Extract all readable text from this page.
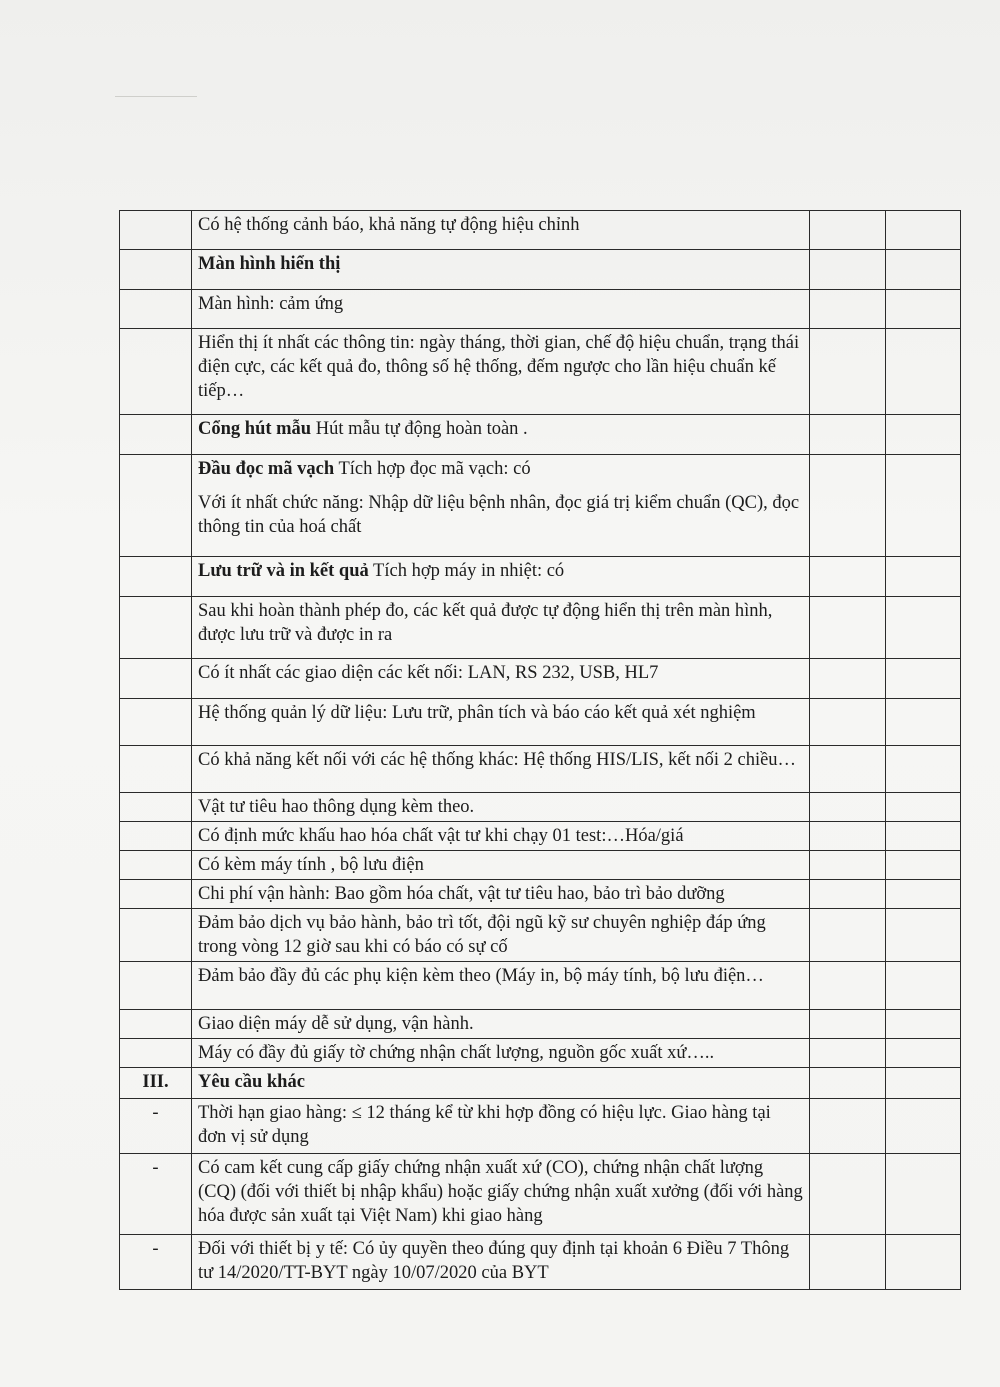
	Có hệ thống cảnh báo, khả năng tự động hiệu chỉnh		

	Màn hình hiển thị		

	Màn hình: cảm ứng		

	Hiển thị ít nhất các thông tin: ngày tháng, thời gian, chế độ hiệu chuẩn, trạng thái điện cực, các kết quả đo, thông số hệ thống, đếm ngược cho lần hiệu chuẩn kế tiếp…		

	Cổng hút mẫu Hút mẫu tự động hoàn toàn .		

	Đầu đọc mã vạch Tích hợp đọc mã vạch: có
Với ít nhất chức năng: Nhập dữ liệu bệnh nhân, đọc giá trị kiểm chuẩn (QC), đọc thông tin của hoá chất		

	Lưu trữ và in kết quả Tích hợp máy in nhiệt: có		

	Sau khi hoàn thành phép đo, các kết quả được tự động hiển thị trên màn hình, được lưu trữ và được in ra		

	Có ít nhất các giao diện các kết nối: LAN, RS 232, USB, HL7		

	Hệ thống quản lý dữ liệu: Lưu trữ, phân tích và báo cáo kết quả xét nghiệm		

	Có khả năng kết nối với các hệ thống khác: Hệ thống HIS/LIS, kết nối 2 chiều…		

	Vật tư tiêu hao thông dụng kèm theo.		

	Có định mức khấu hao hóa chất vật tư khi chạy 01 test:…Hóa/giá		

	Có kèm máy tính , bộ lưu điện		

	Chi phí vận hành: Bao gồm hóa chất, vật tư tiêu hao, bảo trì bảo dưỡng		

	Đảm bảo dịch vụ bảo hành, bảo trì tốt, đội ngũ kỹ sư chuyên nghiệp đáp ứng trong vòng 12 giờ sau khi có báo có sự cố		

	Đảm bảo đầy đủ các phụ kiện kèm theo (Máy in, bộ máy tính, bộ lưu điện…		

	Giao diện máy dễ sử dụng, vận hành.		

	Máy có đầy đủ giấy tờ chứng nhận chất lượng, nguồn gốc xuất xứ…..		

III.	Yêu cầu khác		

-	Thời hạn giao hàng: ≤ 12 tháng kể từ khi hợp đồng có hiệu lực. Giao hàng tại đơn vị sử dụng		

-	Có cam kết cung cấp giấy chứng nhận xuất xứ (CO), chứng nhận chất lượng (CQ) (đối với thiết bị nhập khẩu) hoặc giấy chứng nhận xuất xưởng (đối với hàng hóa được sản xuất tại Việt Nam) khi giao hàng		

-	Đối với thiết bị y tế: Có ủy quyền theo đúng quy định tại khoản 6 Điều 7 Thông tư 14/2020/TT-BYT ngày 10/07/2020 của BYT		
